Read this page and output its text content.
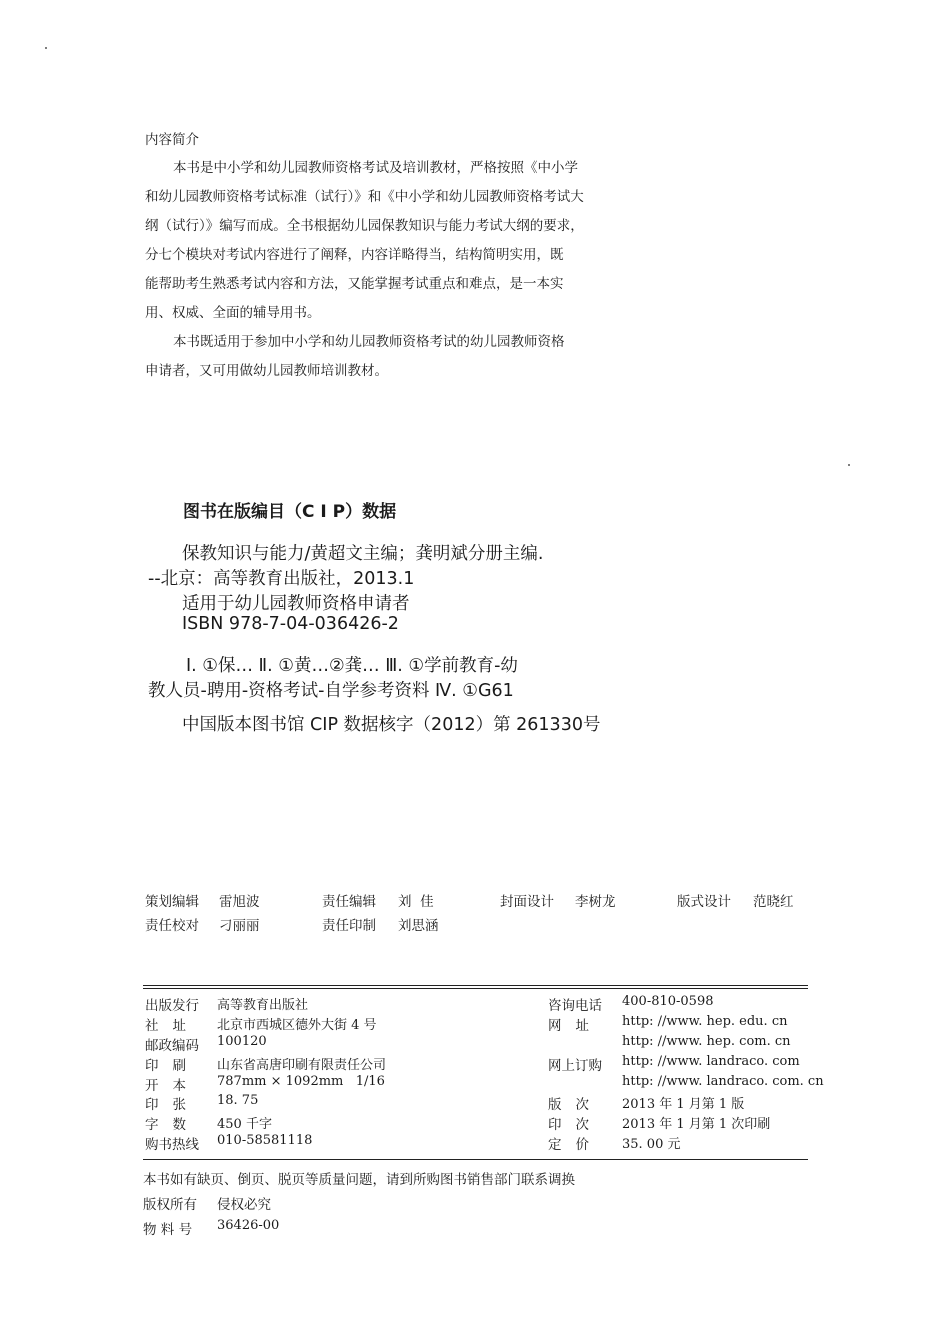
内容简介
本书是中小学和幼儿园教师资格考试及培训教材，严格按照《中小学
和幼儿园教师资格考试标准（试行）》和《中小学和幼儿园教师资格考试大
纲（试行）》编写而成。全书根据幼儿园保教知识与能力考试大纲的要求，
分七个模块对考试内容进行了阐释，内容详略得当，结构简明实用，既
能帮助考生熟悉考试内容和方法，又能掌握考试重点和难点，是一本实
用、权威、全面的辅导用书。
本书既适用于参加中小学和幼儿园教师资格考试的幼儿园教师资格
申请者，又可用做幼儿园教师培训教材。
图书在版编目（C I P）数据
保教知识与能力/黄超文主编；龚明斌分册主编.
--北京：高等教育出版社，2013.1
适用于幼儿园教师资格申请者
ISBN 978-7-04-036426-2
Ⅰ. ①保… Ⅱ. ①黄…②龚… Ⅲ. ①学前教育-幼
教人员-聘用-资格考试-自学参考资料 Ⅳ. ①G61
中国版本图书馆 CIP 数据核字（2012）第 261330号
策划编辑 雷旭波	责任编辑 刘  佳	封面设计 李树龙	版式设计 范晓红
责任校对 刁丽丽	责任印制 刘思涵
出版发行 高等教育出版社
社址 北京市西城区德外大街 4 号
邮政编码 100120
印刷 山东省高唐印刷有限责任公司
开本 787mm × 1092mm   1/16
印张 18. 75
字数 450 千字
购书热线 010-58581118
咨询电话 400-810-0598
网址 http: //www. hep. edu. cn
http: //www. hep. com. cn
网上订购 http: //www. landraco. com
http: //www. landraco. com. cn
版次 2013 年 1 月第 1 版
印次 2013 年 1 月第 1 次印刷
定价 35. 00 元
本书如有缺页、倒页、脱页等质量问题，请到所购图书销售部门联系调换
版权所有 侵权必究
物 料 号 36426-00
